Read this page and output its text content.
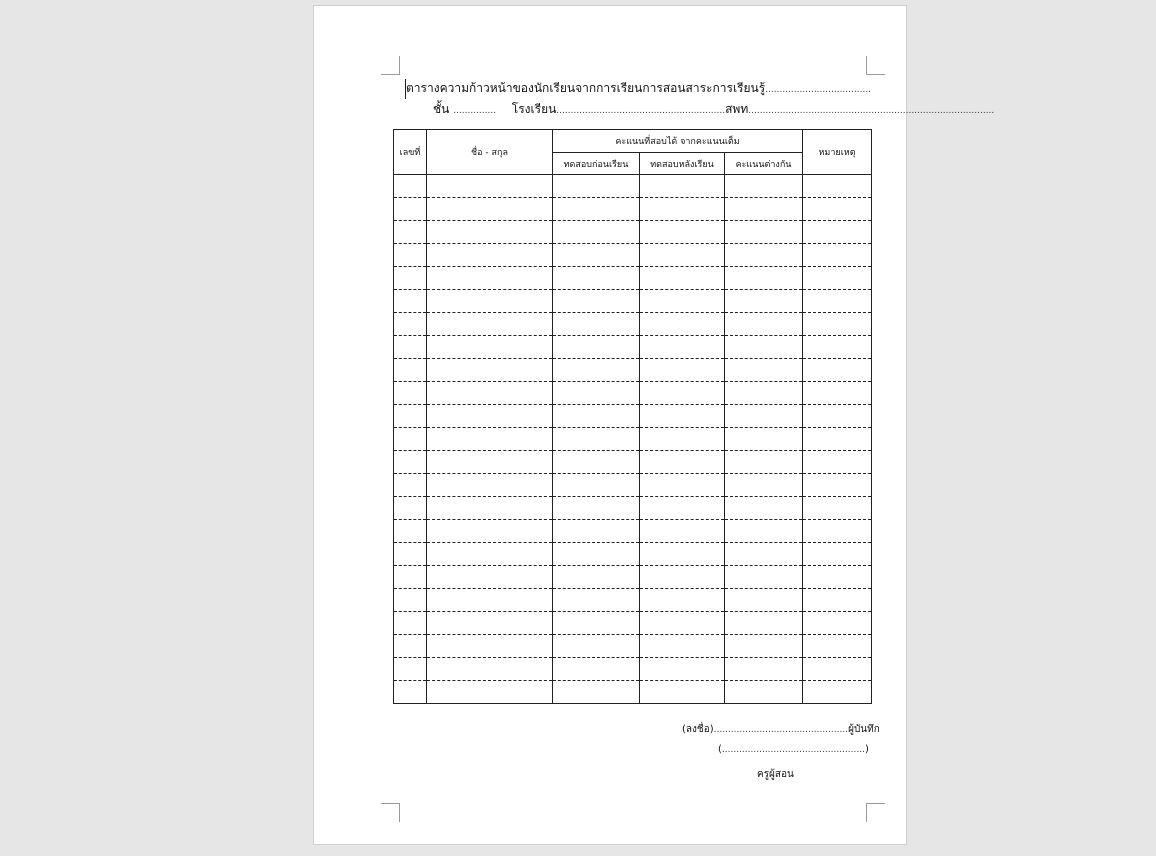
ตารางความก้าวหน้าของนักเรียนจากการเรียนการสอนสาระการเรียนรู้.....................................
ชั้น ............... โรงเรียน...........................................................สพท......................................................................................
เลขที่	ชื่อ - สกุล	คะแนนที่สอบได้ จากคะแนนเต็ม			หมายเหตุ
		ทดสอบก่อนเรียน	ทดสอบหลังเรียน	คะแนนต่างกัน	

(ลงชื่อ)...............................................ผู้บันทึก
(..................................................)
ครูผู้สอน
